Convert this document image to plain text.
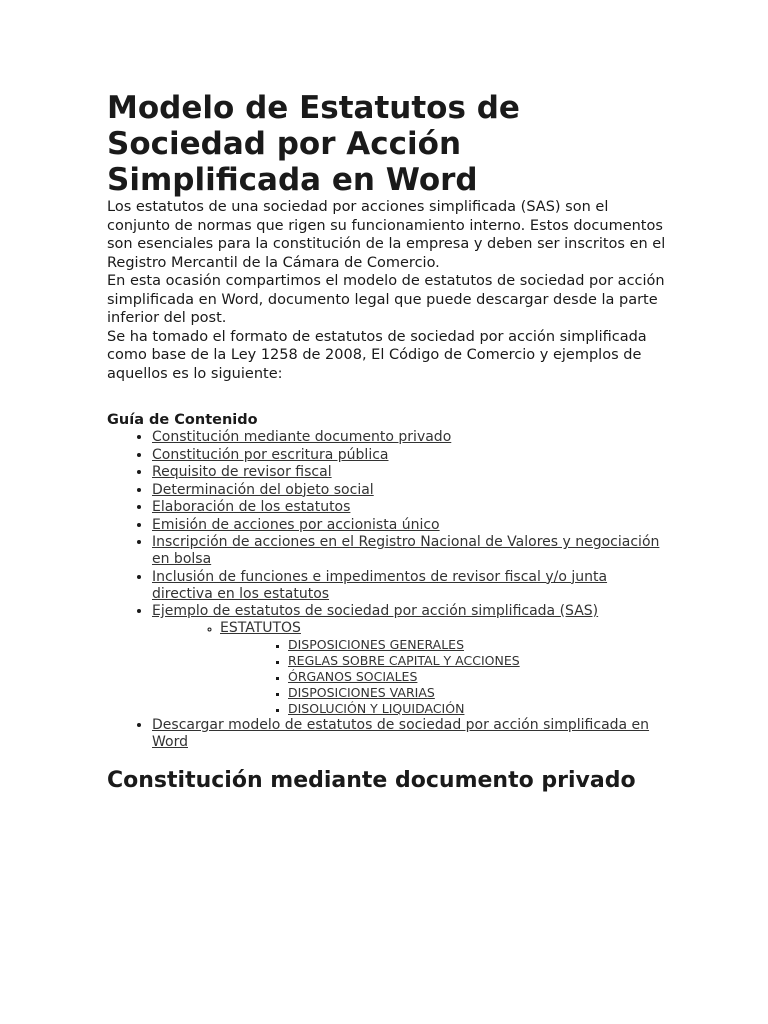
Modelo de Estatutos de Sociedad por Acción Simplificada en Word

Los estatutos de una sociedad por acciones simplificada (SAS) son el conjunto de normas que rigen su funcionamiento interno. Estos documentos son esenciales para la constitución de la empresa y deben ser inscritos en el Registro Mercantil de la Cámara de Comercio.

En esta ocasión compartimos el modelo de estatutos de sociedad por acción simplificada en Word, documento legal que puede descargar desde la parte inferior del post.

Se ha tomado el formato de estatutos de sociedad por acción simplificada como base de la Ley 1258 de 2008, El Código de Comercio y ejemplos de aquellos es lo siguiente:

Guía de Contenido
• Constitución mediante documento privado
• Constitución por escritura pública
• Requisito de revisor fiscal
• Determinación del objeto social
• Elaboración de los estatutos
• Emisión de acciones por accionista único
• Inscripción de acciones en el Registro Nacional de Valores y negociación en bolsa
• Inclusión de funciones e impedimentos de revisor fiscal y/o junta directiva en los estatutos
• Ejemplo de estatutos de sociedad por acción simplificada (SAS)
◦ ESTATUTOS
▪ DISPOSICIONES GENERALES
▪ REGLAS SOBRE CAPITAL Y ACCIONES
▪ ÓRGANOS SOCIALES
▪ DISPOSICIONES VARIAS
▪ DISOLUCIÓN Y LIQUIDACIÓN
• Descargar modelo de estatutos de sociedad por acción simplificada en Word
Constitución mediante documento privado
